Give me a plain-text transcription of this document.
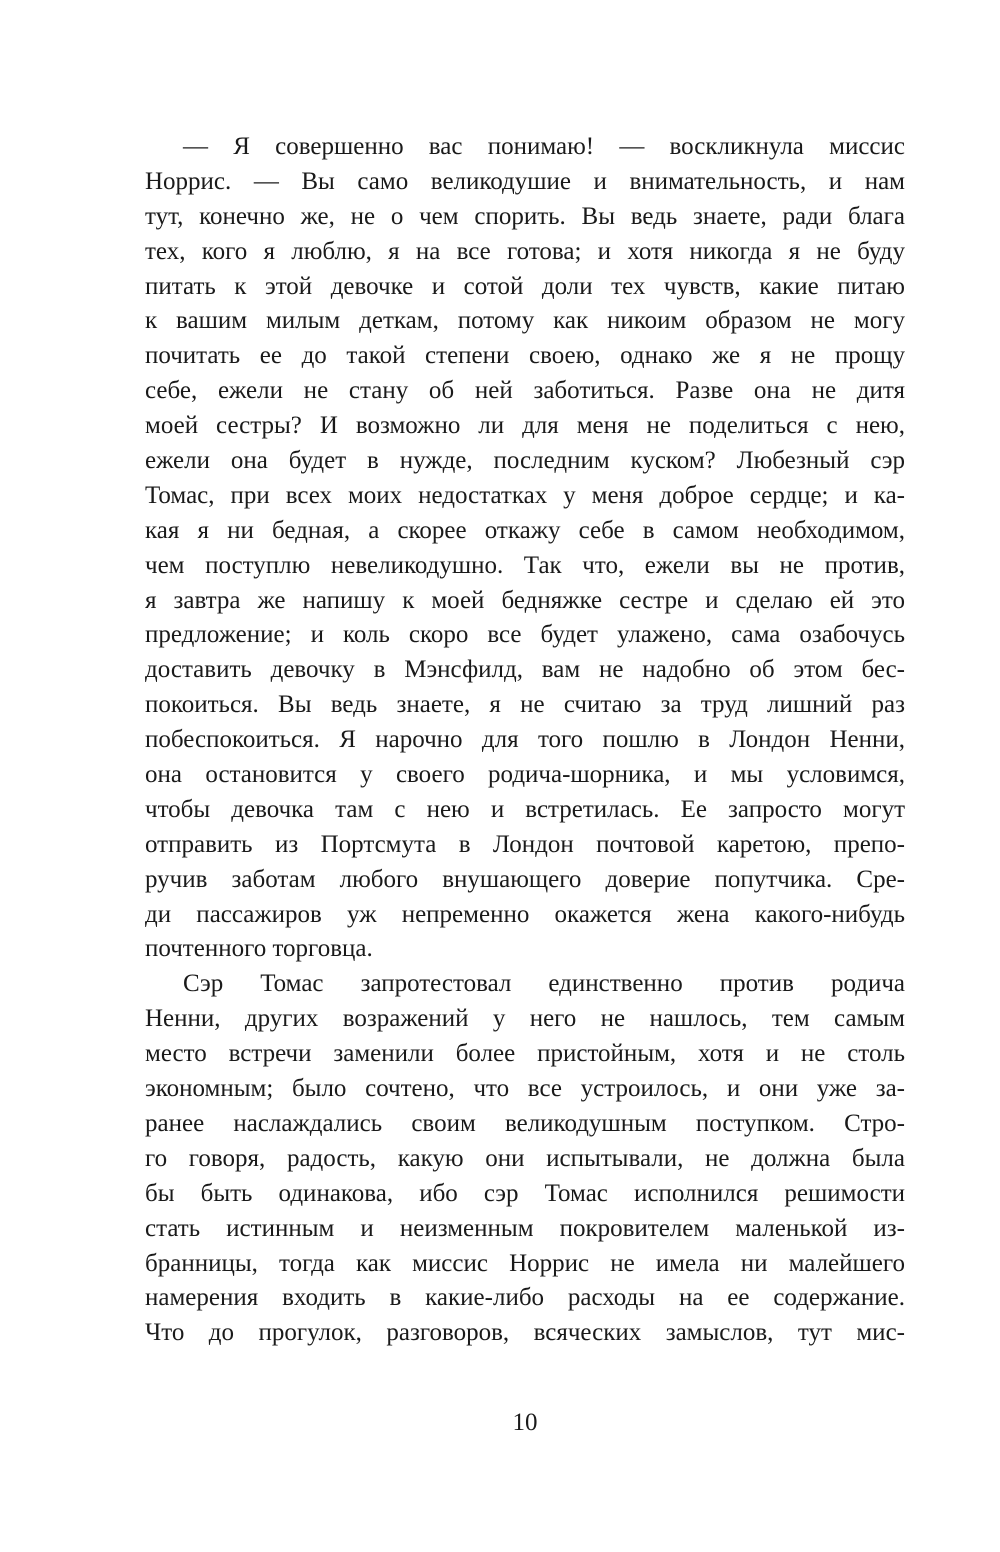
— Я совершенно вас понимаю! — воскликнула миссис
Норрис. — Вы само великодушие и внимательность, и нам
тут, конечно же, не о чем спорить. Вы ведь знаете, ради блага
тех, кого я люблю, я на все готова; и хотя никогда я не буду
питать к этой девочке и сотой доли тех чувств, какие питаю
к вашим милым деткам, потому как никоим образом не могу
почитать ее до такой степени своею, однако же я не прощу
себе, ежели не стану об ней заботиться. Разве она не дитя
моей сестры? И возможно ли для меня не поделиться с нею,
ежели она будет в нужде, последним куском? Любезный сэр
Томас, при всех моих недостатках у меня доброе сердце; и ка-
кая я ни бедная, а скорее откажу себе в самом необходимом,
чем поступлю невеликодушно. Так что, ежели вы не против,
я завтра же напишу к моей бедняжке сестре и сделаю ей это
предложение; и коль скоро все будет улажено, сама озабочусь
доставить девочку в Мэнсфилд, вам не надобно об этом бес-
покоиться. Вы ведь знаете, я не считаю за труд лишний раз
побеспокоиться. Я нарочно для того пошлю в Лондон Ненни,
она остановится у своего родича-шорника, и мы условимся,
чтобы девочка там с нею и встретилась. Ее запросто могут
отправить из Портсмута в Лондон почтовой каретою, препо-
ручив заботам любого внушающего доверие попутчика. Сре-
ди пассажиров уж непременно окажется жена какого-нибудь
почтенного торговца.
Сэр Томас запротестовал единственно против родича
Ненни, других возражений у него не нашлось, тем самым
место встречи заменили более пристойным, хотя и не столь
экономным; было сочтено, что все устроилось, и они уже за-
ранее наслаждались своим великодушным поступком. Стро-
го говоря, радость, какую они испытывали, не должна была
бы быть одинакова, ибо сэр Томас исполнился решимости
стать истинным и неизменным покровителем маленькой из-
бранницы, тогда как миссис Норрис не имела ни малейшего
намерения входить в какие-либо расходы на ее содержание.
Что до прогулок, разговоров, всяческих замыслов, тут мис-
10
